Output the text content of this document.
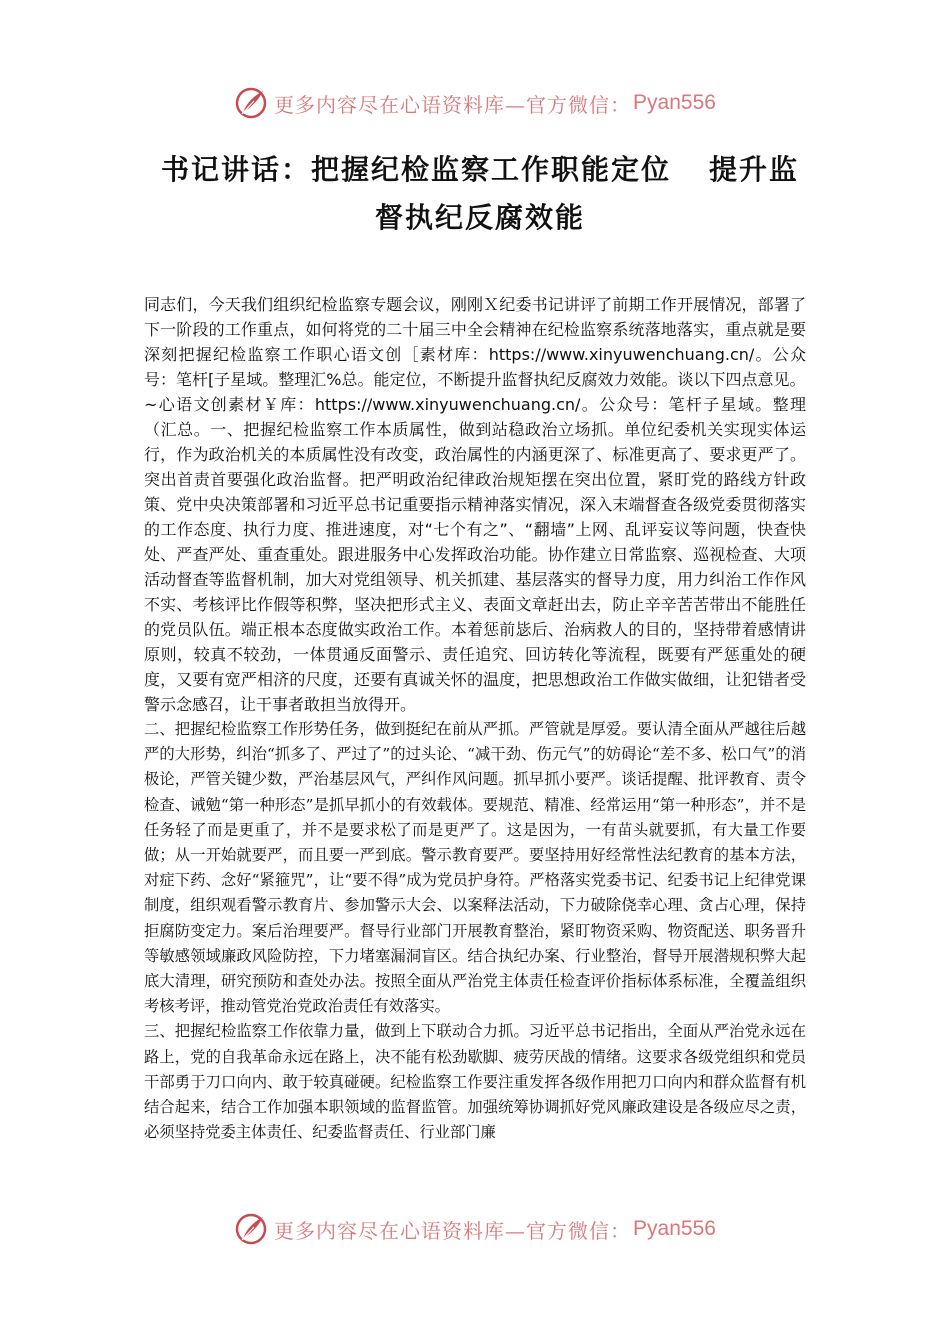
更多内容尽在心语资料库—官方微信： Pyan556
书记讲话：把握纪检监察工作职能定位 提升监督执纪反腐效能

同志们，今天我们组织纪检监察专题会议，刚刚Ｘ纪委书记讲评了前期工作开展情况，部署了下一阶段的工作重点，如何将党的二十届三中全会精神在纪检监察系统落地落实，重点就是要深刻把握纪检监察工作职心语文创［素材库：https://www.xinyuwenchuang.cn/。公众号：笔杆[子星域。整理汇%总。能定位，不断提升监督执纪反腐效力效能。谈以下四点意见。

~心语文创素材￥库：https://www.xinyuwenchuang.cn/。公众号：笔杆子星域。整理（汇总。一、把握纪检监察工作本质属性，做到站稳政治立场抓。单位纪委机关实现实体运行，作为政治机关的本质属性没有改变，政治属性的内涵更深了、标准更高了、要求更严了。突出首责首要强化政治监督。把严明政治纪律政治规矩摆在突出位置，紧盯党的路线方针政策、党中央决策部署和习近平总书记重要指示精神落实情况，深入末端督查各级党委贯彻落实的工作态度、执行力度、推进速度，对“七个有之”、“翻墙”上网、乱评妄议等问题，快查快处、严查严处、重查重处。跟进服务中心发挥政治功能。协作建立日常监察、巡视检查、大项活动督查等监督机制，加大对党组领导、机关抓建、基层落实的督导力度，用力纠治工作作风不实、考核评比作假等积弊，坚决把形式主义、表面文章赶出去，防止辛辛苦苦带出不能胜任的党员队伍。端正根本态度做实政治工作。本着惩前毖后、治病救人的目的，坚持带着感情讲原则，较真不较劲，一体贯通反面警示、责任追究、回访转化等流程，既要有严惩重处的硬度，又要有宽严相济的尺度，还要有真诚关怀的温度，把思想政治工作做实做细，让犯错者受警示念感召，让干事者敢担当放得开。

二、把握纪检监察工作形势任务，做到挺纪在前从严抓。严管就是厚爱。要认清全面从严越往后越严的大形势，纠治“抓多了、严过了”的过头论、“减干劲、伤元气”的妨碍论“差不多、松口气”的消极论，严管关键少数，严治基层风气，严纠作风问题。抓早抓小要严。谈话提醒、批评教育、责令检查、诫勉“第一种形态”是抓早抓小的有效载体。要规范、精准、经常运用“第一种形态”，并不是任务轻了而是更重了，并不是要求松了而是更严了。这是因为，一有苗头就要抓，有大量工作要做；从一开始就要严，而且要一严到底。警示教育要严。要坚持用好经常性法纪教育的基本方法，对症下药、念好“紧箍咒”，让“要不得”成为党员护身符。严格落实党委书记、纪委书记上纪律党课制度，组织观看警示教育片、参加警示大会、以案释法活动，下力破除侥幸心理、贪占心理，保持拒腐防变定力。案后治理要严。督导行业部门开展教育整治，紧盯物资采购、物资配送、职务晋升等敏感领域廉政风险防控，下力堵塞漏洞盲区。结合执纪办案、行业整治，督导开展潜规积弊大起底大清理，研究预防和查处办法。按照全面从严治党主体责任检查评价指标体系标准，全覆盖组织考核考评，推动管党治党政治责任有效落实。

三、把握纪检监察工作依靠力量，做到上下联动合力抓。习近平总书记指出，全面从严治党永远在路上，党的自我革命永远在路上，决不能有松劲歇脚、疲劳厌战的情绪。这要求各级党组织和党员干部勇于刀口向内、敢于较真碰硬。纪检监察工作要注重发挥各级作用把刀口向内和群众监督有机结合起来，结合工作加强本职领域的监督监管。加强统筹协调抓好党风廉政建设是各级应尽之责，必须坚持党委主体责任、纪委监督责任、行业部门廉

更多内容尽在心语资料库—官方微信： Pyan556
